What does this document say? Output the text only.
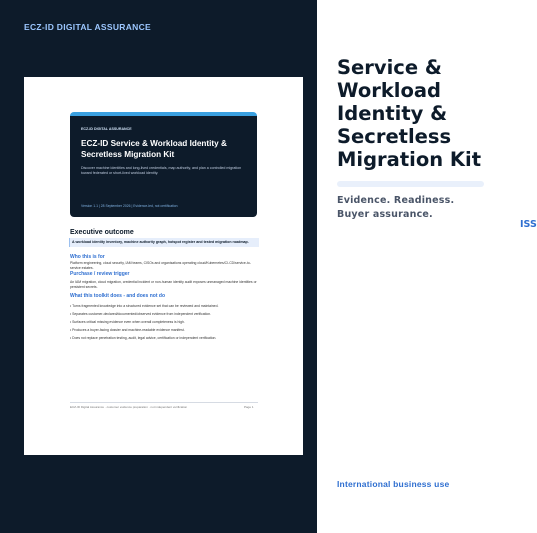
ECZ-ID DIGITAL ASSURANCE
ECZ-ID DIGITAL ASSURANCE
ECZ-ID Service & Workload Identity & Secretless Migration Kit
Discover machine identities and long-lived credentials, map authority, and plan a controlled migration toward federated or short-lived workload identity.
Version 1.1 | 28 September 2026 | Evidence-led, not certification
Executive outcome
A workload identity inventory, machine authority graph, hotspot register and tested migration roadmap.
Who this is for
Platform engineering, cloud security, IAM teams, CISOs and organisations operating cloud/Kubernetes/CI-CD/service-to-service estates.
Purchase / review trigger
An IAM migration, cloud migration, credential incident or non-human identity audit exposes unmanaged machine identities or persistent secrets.
What this toolkit does - and does not do
• Turns fragmented knowledge into a structured evidence set that can be reviewed and maintained.
• Separates customer-declared/documented/observed evidence from independent verification.
• Surfaces critical missing evidence even when overall completeness is high.
• Produces a buyer-facing dossier and machine-readable evidence manifest.
• Does not replace penetration testing, audit, legal advice, certification or independent verification.
ECZ-ID Digital Assurance · customer evidence preparation · not independent verification	Page 1
Service & Workload Identity & Secretless Migration Kit
Evidence. Readiness.
Buyer assurance.
ISS
International business use
